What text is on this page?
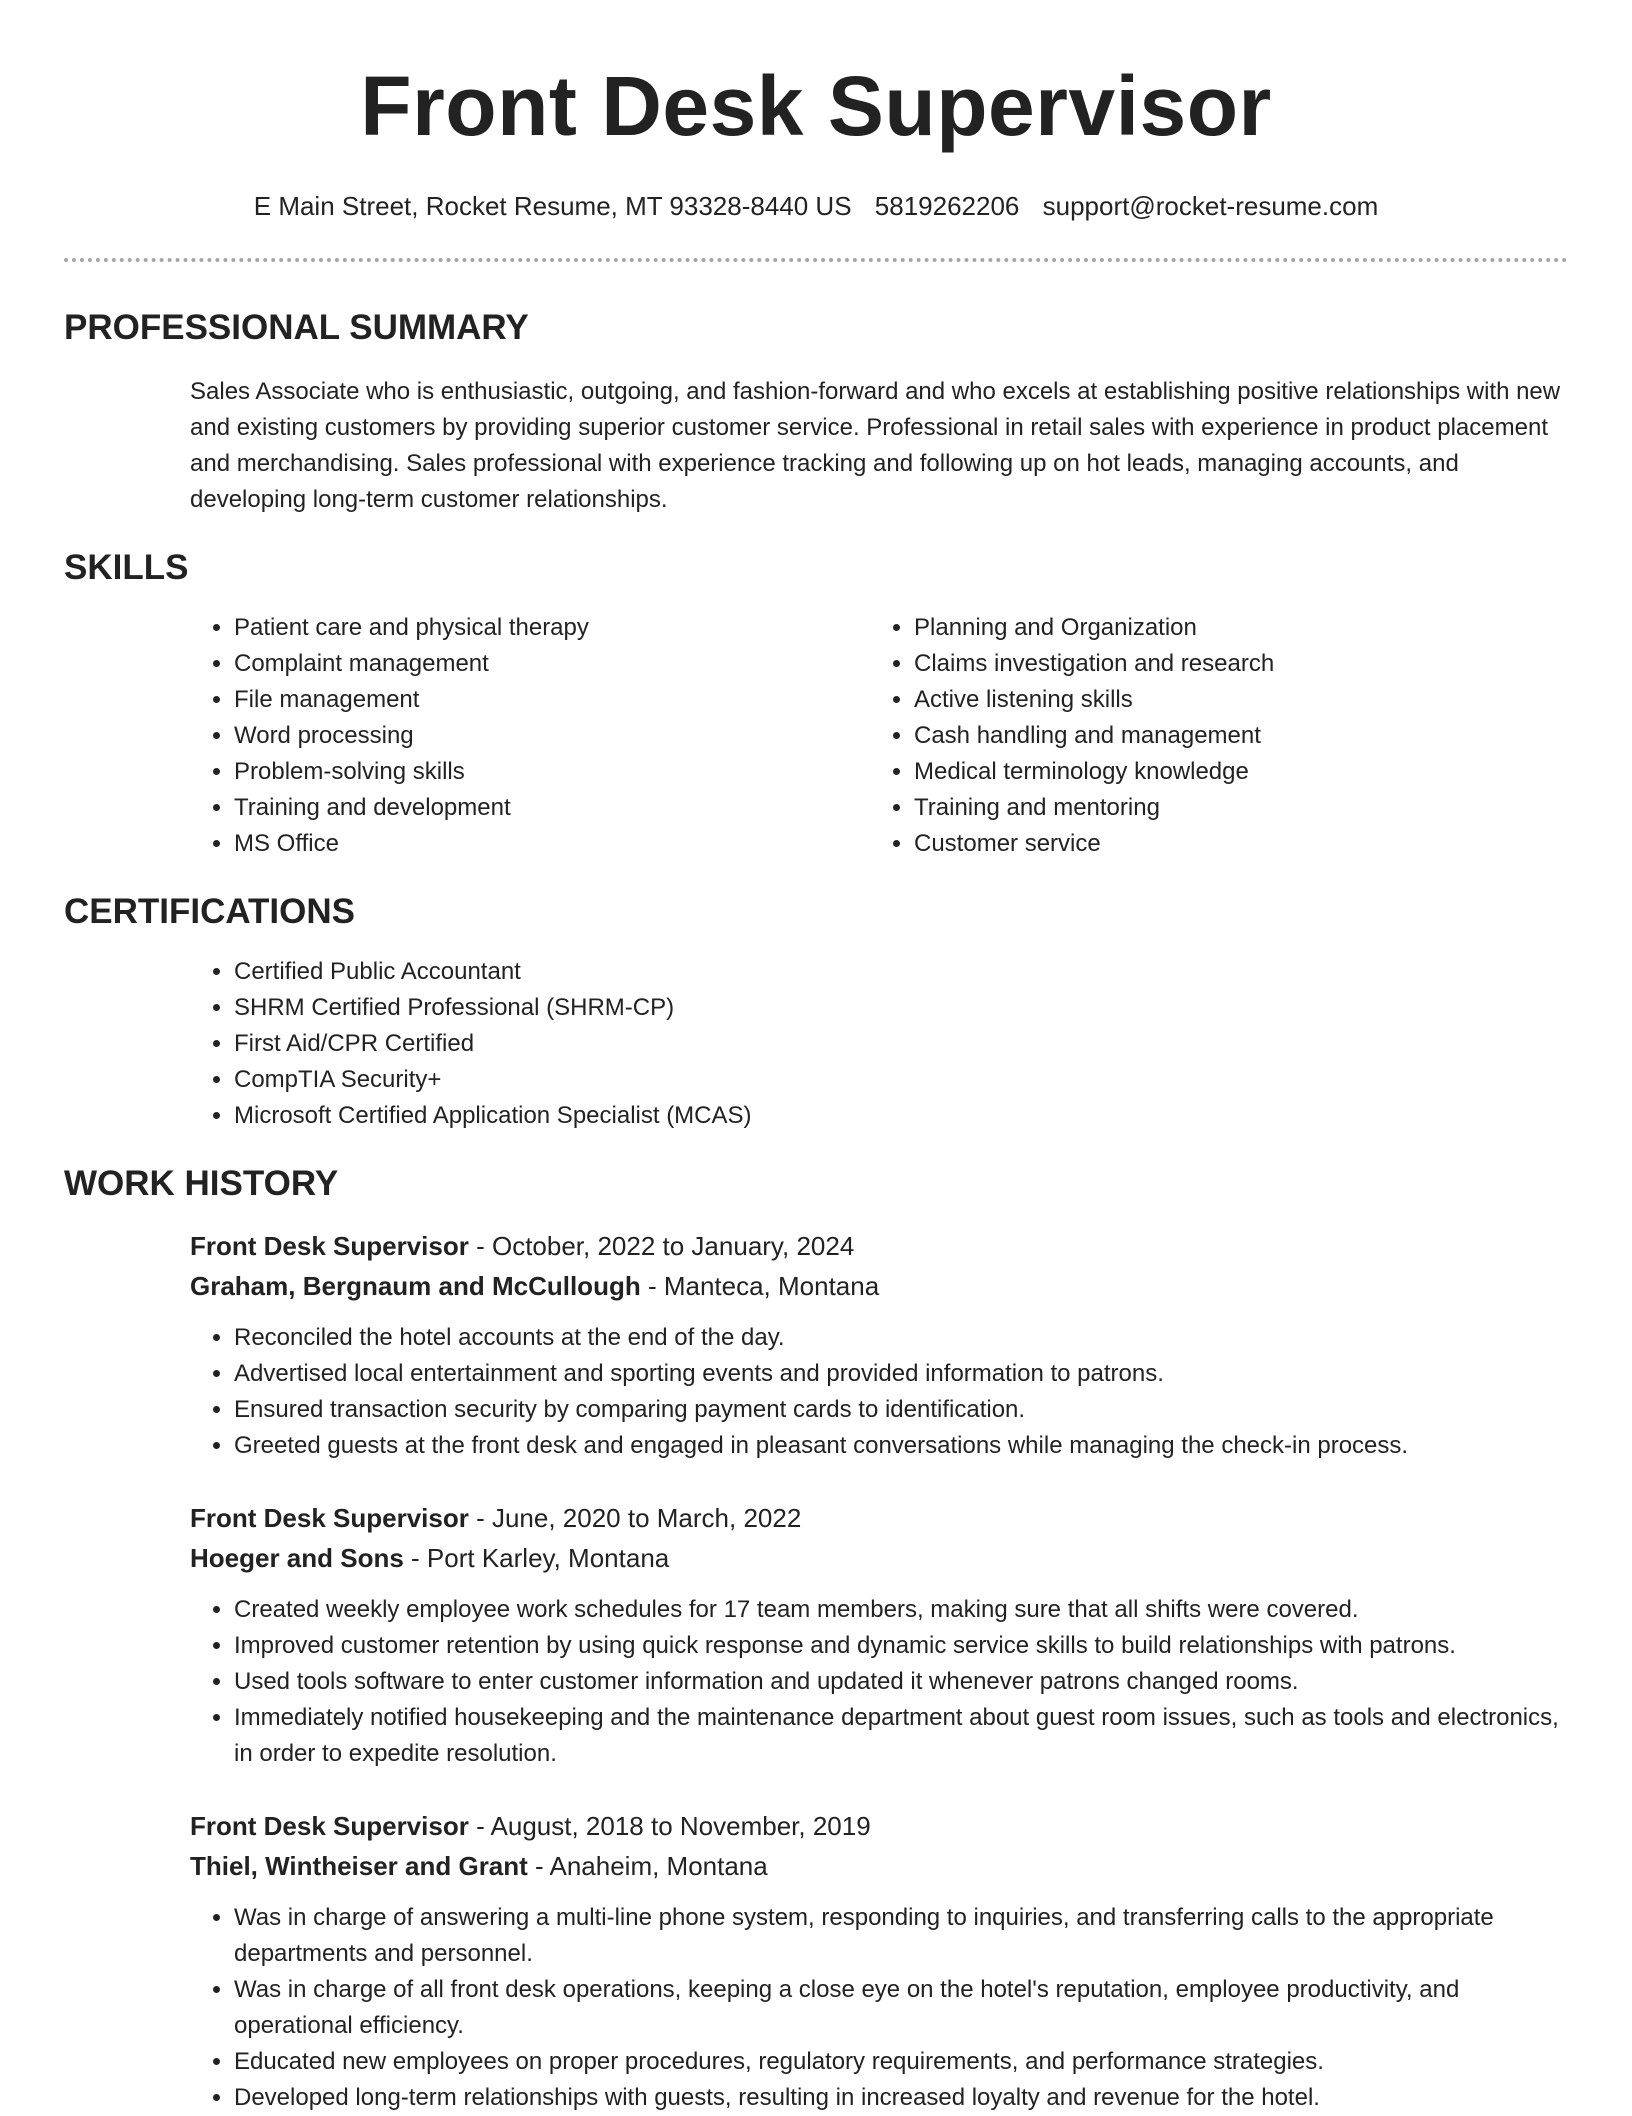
Front Desk Supervisor
E Main Street, Rocket Resume, MT 93328-8440 US 5819262206 support@rocket-resume.com
PROFESSIONAL SUMMARY

Sales Associate who is enthusiastic, outgoing, and fashion-forward and who excels at establishing positive relationships with new and existing customers by providing superior customer service. Professional in retail sales with experience in product placement and merchandising. Sales professional with experience tracking and following up on hot leads, managing accounts, and developing long-term customer relationships.

SKILLS
• Patient care and physical therapy
• Complaint management
• File management
• Word processing
• Problem-solving skills
• Training and development
• MS Office
• Planning and Organization
• Claims investigation and research
• Active listening skills
• Cash handling and management
• Medical terminology knowledge
• Training and mentoring
• Customer service
CERTIFICATIONS
• Certified Public Accountant
• SHRM Certified Professional (SHRM-CP)
• First Aid/CPR Certified
• CompTIA Security+
• Microsoft Certified Application Specialist (MCAS)
WORK HISTORY
Front Desk Supervisor - October, 2022 to January, 2024
Graham, Bergnaum and McCullough - Manteca, Montana
• Reconciled the hotel accounts at the end of the day.
• Advertised local entertainment and sporting events and provided information to patrons.
• Ensured transaction security by comparing payment cards to identification.
• Greeted guests at the front desk and engaged in pleasant conversations while managing the check-in process.
Front Desk Supervisor - June, 2020 to March, 2022
Hoeger and Sons - Port Karley, Montana
• Created weekly employee work schedules for 17 team members, making sure that all shifts were covered.
• Improved customer retention by using quick response and dynamic service skills to build relationships with patrons.
• Used tools software to enter customer information and updated it whenever patrons changed rooms.
• Immediately notified housekeeping and the maintenance department about guest room issues, such as tools and electronics, in order to expedite resolution.
Front Desk Supervisor - August, 2018 to November, 2019
Thiel, Wintheiser and Grant - Anaheim, Montana
• Was in charge of answering a multi-line phone system, responding to inquiries, and transferring calls to the appropriate departments and personnel.
• Was in charge of all front desk operations, keeping a close eye on the hotel's reputation, employee productivity, and operational efficiency.
• Educated new employees on proper procedures, regulatory requirements, and performance strategies.
• Developed long-term relationships with guests, resulting in increased loyalty and revenue for the hotel.
